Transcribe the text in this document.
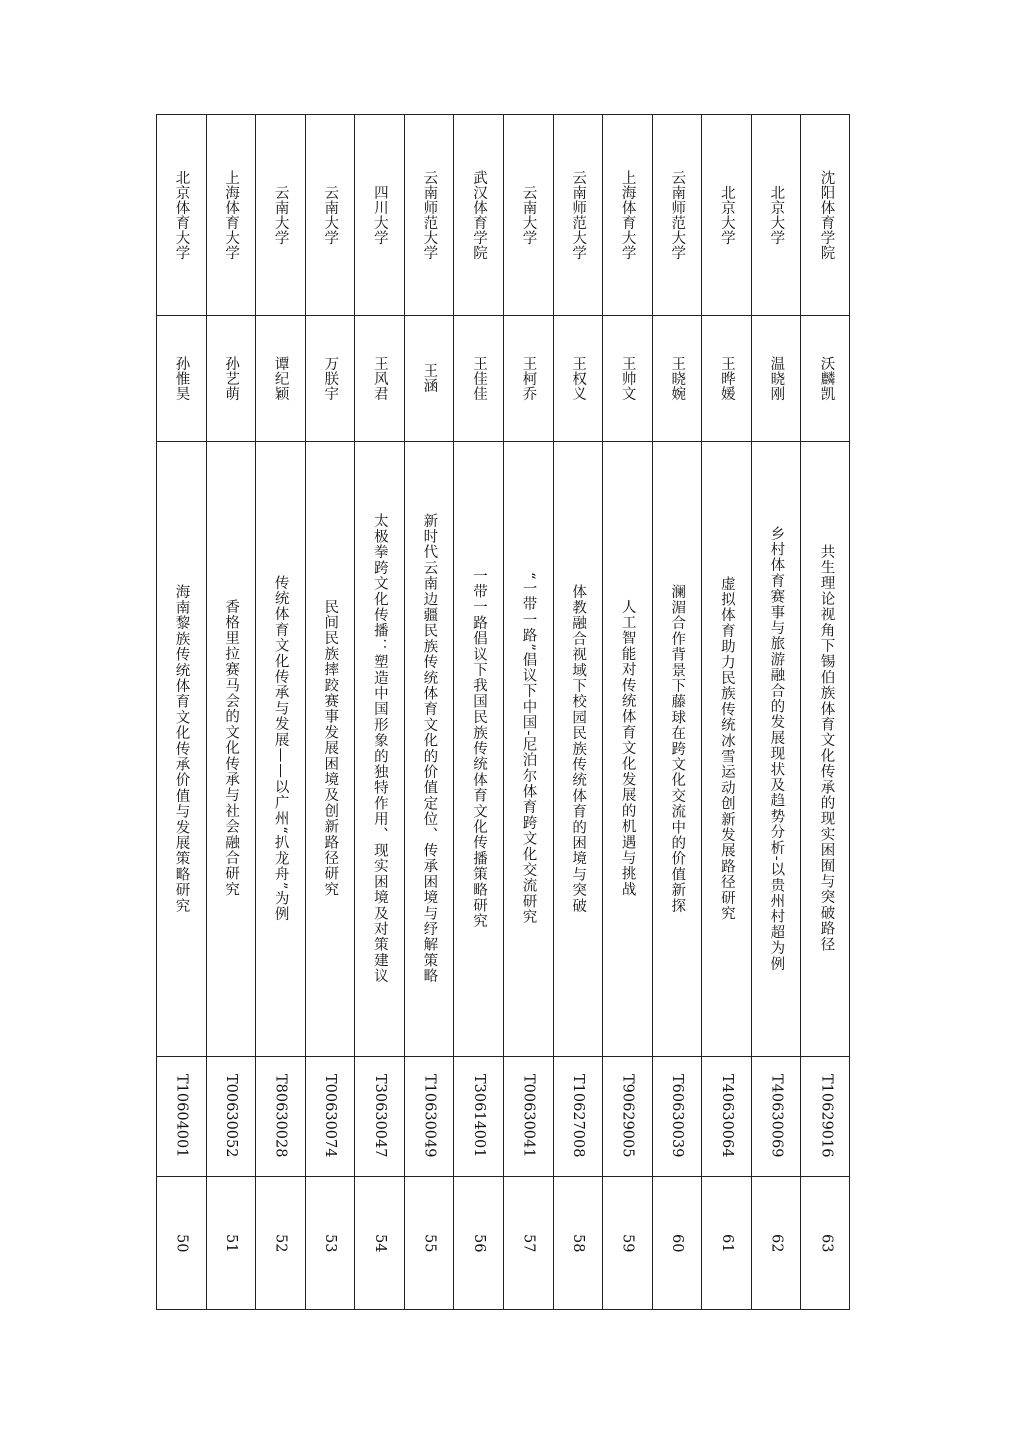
北京体育大学
孙惟昊
海南黎族传统体育文化传承价值与发展策略研究
T10604001
50
上海体育大学
孙艺萌
香格里拉赛马会的文化传承与社会融合研究
T00630052
51
云南大学
谭纪颖
传统体育文化传承与发展——以广州“扒龙舟”为例
T80630028
52
云南大学
万朕宇
民间民族摔跤赛事发展困境及创新路径研究
T00630074
53
四川大学
王风君
太极拳跨文化传播：塑造中国形象的独特作用、现实困境及对策建议
T30630047
54
云南师范大学
王涵
新时代云南边疆民族传统体育文化的价值定位、传承困境与纾解策略
T10630049
55
武汉体育学院
王佳佳
一带一路倡议下我国民族传统体育文化传播策略研究
T30614001
56
云南大学
王柯乔
“一带一路”倡议下中国-尼泊尔体育跨文化交流研究
T00630041
57
云南师范大学
王权义
体教融合视域下校园民族传统体育的困境与突破
T10627008
58
上海体育大学
王帅文
人工智能对传统体育文化发展的机遇与挑战
T90629005
59
云南师范大学
王晓婉
澜湄合作背景下藤球在跨文化交流中的价值新探
T60630039
60
北京大学
王晔媛
虚拟体育助力民族传统冰雪运动创新发展路径研究
T40630064
61
北京大学
温晓刚
乡村体育赛事与旅游融合的发展现状及趋势分析-以贵州村超为例
T40630069
62
沈阳体育学院
沃麟凯
共生理论视角下锡伯族体育文化传承的现实困囿与突破路径
T10629016
63
